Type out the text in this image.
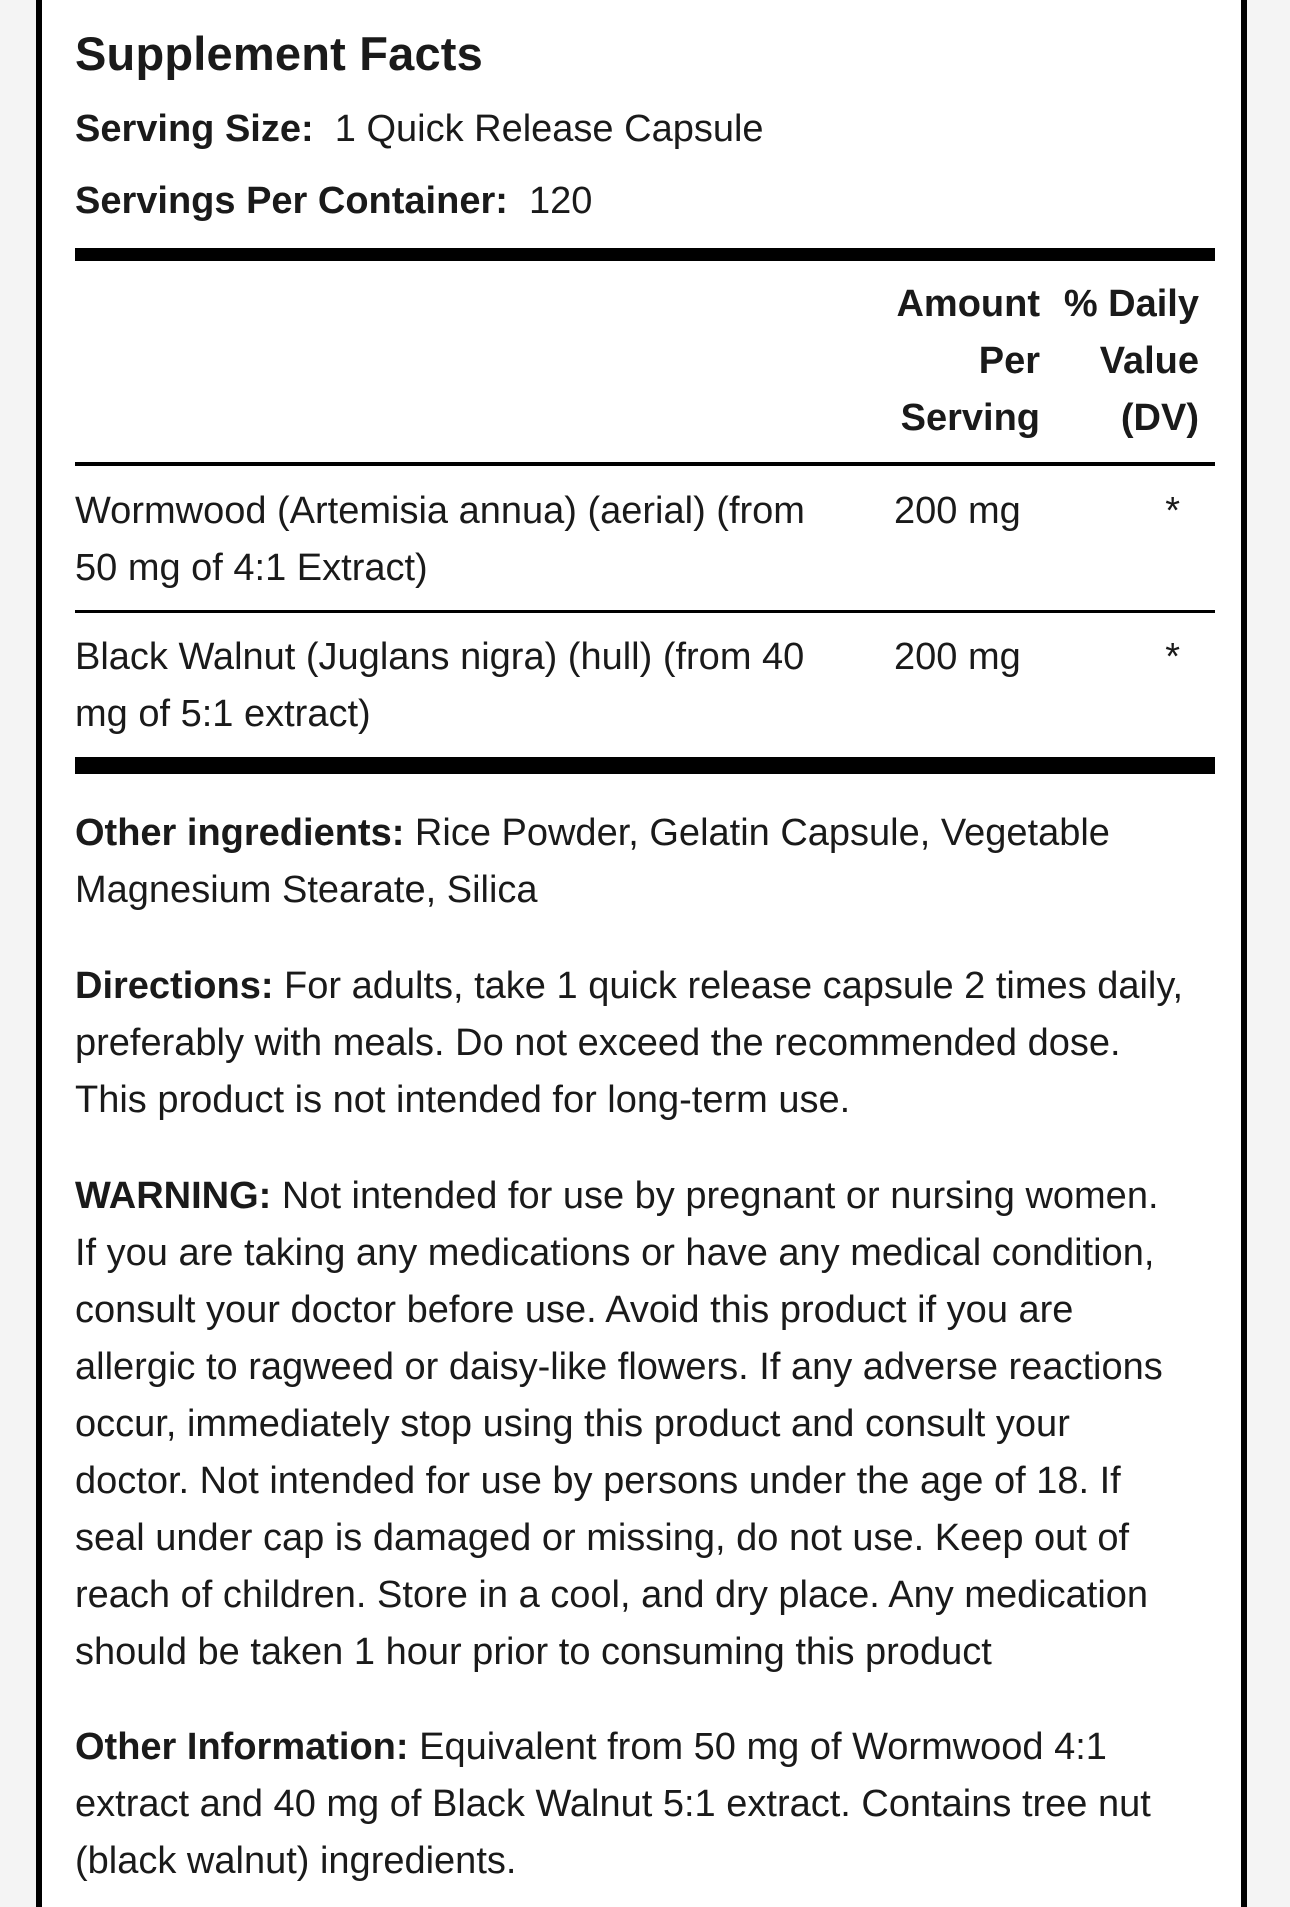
Supplement Facts
Serving Size: 1 Quick Release Capsule
Servings Per Container: 120
Amount
Per
Serving
% Daily
Value
(DV)
Wormwood (Artemisia annua) (aerial) (from
50 mg of 4:1 Extract)
200 mg	*
Black Walnut (Juglans nigra) (hull) (from 40
mg of 5:1 extract)
200 mg	*
Other ingredients: Rice Powder, Gelatin Capsule, Vegetable
Magnesium Stearate, Silica
Directions: For adults, take 1 quick release capsule 2 times daily,
preferably with meals. Do not exceed the recommended dose.
This product is not intended for long-term use.
WARNING: Not intended for use by pregnant or nursing women.
If you are taking any medications or have any medical condition,
consult your doctor before use. Avoid this product if you are
allergic to ragweed or daisy-like flowers. If any adverse reactions
occur, immediately stop using this product and consult your
doctor. Not intended for use by persons under the age of 18. If
seal under cap is damaged or missing, do not use. Keep out of
reach of children. Store in a cool, and dry place. Any medication
should be taken 1 hour prior to consuming this product
Other Information: Equivalent from 50 mg of Wormwood 4:1
extract and 40 mg of Black Walnut 5:1 extract. Contains tree nut
(black walnut) ingredients.
